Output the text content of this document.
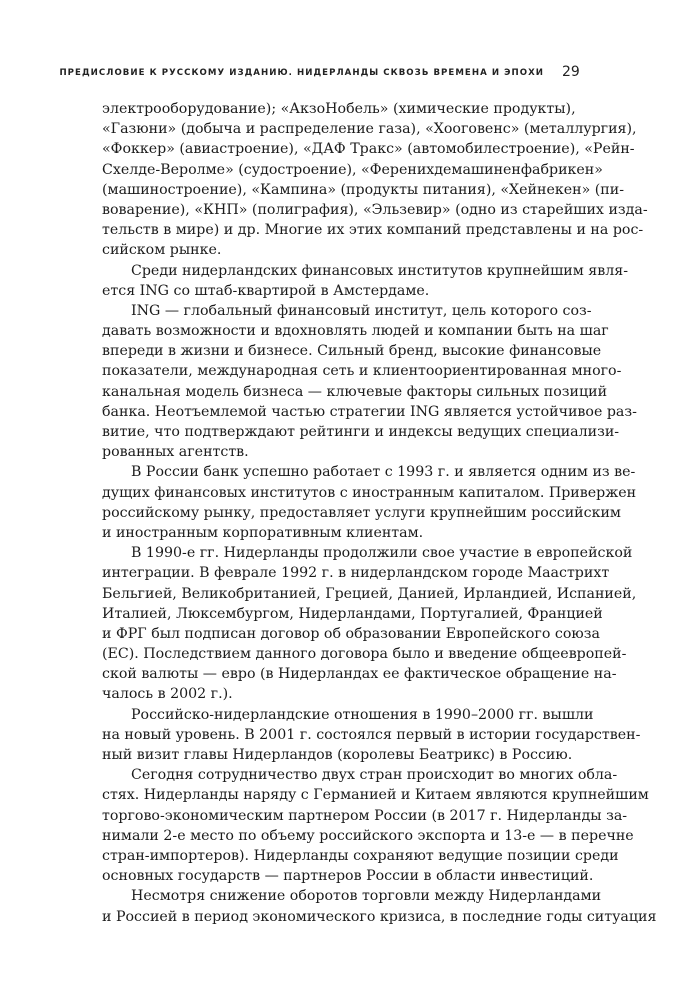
ПРЕДИСЛОВИЕ К РУССКОМУ ИЗДАНИЮ. НИДЕРЛАНДЫ СКВОЗЬ ВРЕМЕНА И ЭПОХИ 29
электрооборудование); «АкзоНобель» (химические продукты),
«Газюни» (добыча и распределение газа), «Хооговенс» (металлургия),
«Фоккер» (авиастроение), «ДАФ Тракс» (автомобилестроение), «Рейн-
Схелде-Веролме» (судостроение), «Ференихдемашиненфабрикен»
(машиностроение), «Кампина» (продукты питания), «Хейнекен» (пи-
воварение), «КНП» (полиграфия), «Эльзевир» (одно из старейших изда-
тельств в мире) и др. Многие их этих компаний представлены и на рос-
сийском рынке.
Среди нидерландских финансовых институтов крупнейшим явля-
ется ING со штаб-квартирой в Амстердаме.
ING — глобальный финансовый институт, цель которого соз-
давать возможности и вдохновлять людей и компании быть на шаг
впереди в жизни и бизнесе. Сильный бренд, высокие финансовые
показатели, международная сеть и клиентоориентированная много-
канальная модель бизнеса — ключевые факторы сильных позиций
банка. Неотъемлемой частью стратегии ING является устойчивое раз-
витие, что подтверждают рейтинги и индексы ведущих специализи-
рованных агентств.
В России банк успешно работает с 1993 г. и является одним из ве-
дущих финансовых институтов с иностранным капиталом. Привержен
российскому рынку, предоставляет услуги крупнейшим российским
и иностранным корпоративным клиентам.
В 1990-е гг. Нидерланды продолжили свое участие в европейской
интеграции. В феврале 1992 г. в нидерландском городе Маастрихт
Бельгией, Великобританией, Грецией, Данией, Ирландией, Испанией,
Италией, Люксембургом, Нидерландами, Португалией, Францией
и ФРГ был подписан договор об образовании Европейского союза
(ЕС). Последствием данного договора было и введение общеевропей-
ской валюты — евро (в Нидерландах ее фактическое обращение на-
чалось в 2002 г.).
Российско-нидерландские отношения в 1990–2000 гг. вышли
на новый уровень. В 2001 г. состоялся первый в истории государствен-
ный визит главы Нидерландов (королевы Беатрикс) в Россию.
Сегодня сотрудничество двух стран происходит во многих обла-
стях. Нидерланды наряду с Германией и Китаем являются крупнейшим
торгово-экономическим партнером России (в 2017 г. Нидерланды за-
нимали 2-е место по объему российского экспорта и 13-е — в перечне
стран-импортеров). Нидерланды сохраняют ведущие позиции среди
основных государств — партнеров России в области инвестиций.
Несмотря снижение оборотов торговли между Нидерландами
и Россией в период экономического кризиса, в последние годы ситуация
